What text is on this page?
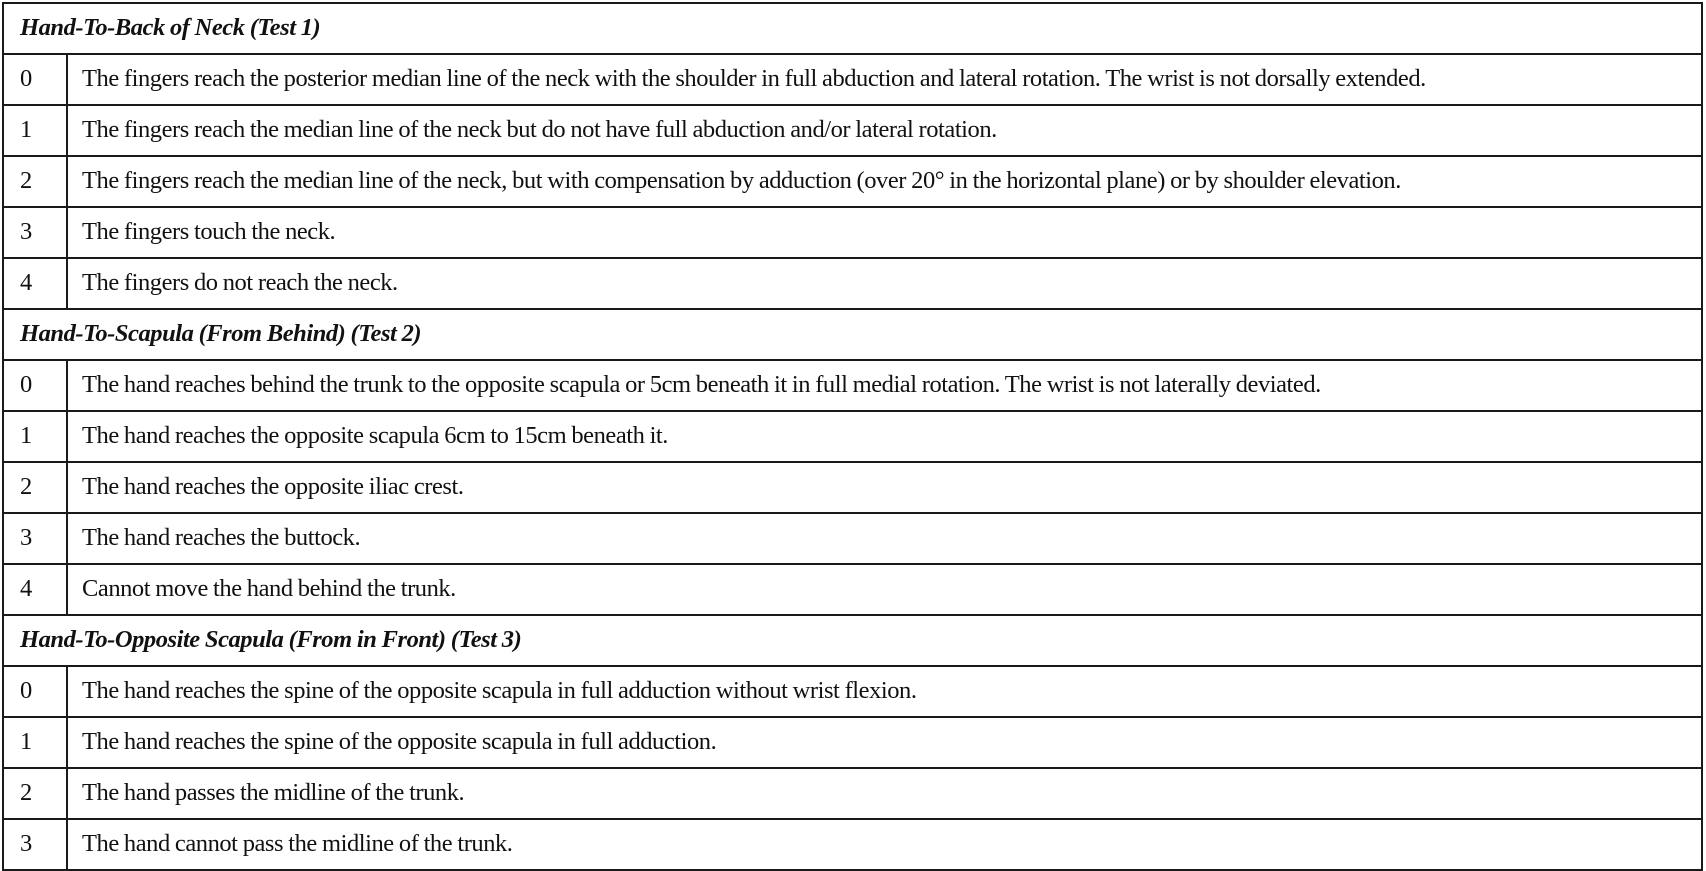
Hand-To-Back of Neck (Test 1)	
0	The fingers reach the posterior median line of the neck with the shoulder in full abduction and lateral rotation. The wrist is not dorsally extended.
1	The fingers reach the median line of the neck but do not have full abduction and/or lateral rotation.
2	The fingers reach the median line of the neck, but with compensation by adduction (over 20° in the horizontal plane) or by shoulder elevation.
3	The fingers touch the neck.
4	The fingers do not reach the neck.
Hand-To-Scapula (From Behind) (Test 2)	
0	The hand reaches behind the trunk to the opposite scapula or 5cm beneath it in full medial rotation. The wrist is not laterally deviated.
1	The hand reaches the opposite scapula 6cm to 15cm beneath it.
2	The hand reaches the opposite iliac crest.
3	The hand reaches the buttock.
4	Cannot move the hand behind the trunk.
Hand-To-Opposite Scapula (From in Front) (Test 3)	
0	The hand reaches the spine of the opposite scapula in full adduction without wrist flexion.
1	The hand reaches the spine of the opposite scapula in full adduction.
2	The hand passes the midline of the trunk.
3	The hand cannot pass the midline of the trunk.
